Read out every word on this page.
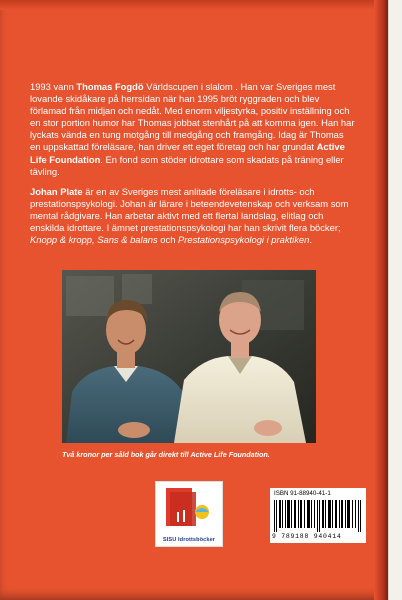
1993 vann Thomas Fogdö Världscupen i slalom . Han var Sveriges mest lovande skidåkare på herrsidan när han 1995 bröt ryggraden och blev förlamad från midjan och nedåt. Med enorm viljestyrka, positiv inställning och en stor portion humor har Thomas jobbat stenhårt på att komma igen. Han har lyckats vända en tung motgång till medgång och framgång. Idag är Thomas en uppskattad föreläsare, han driver ett eget företag och har grundat Active Life Foundation. En fond som stöder idrottare som skadats på träning eller tävling.
Johan Plate är en av Sveriges mest anlitade föreläsare i idrotts- och prestationspsykologi. Johan är lärare i beteendevetenskap och verksam som mental rådgivare. Han arbetar aktivt med ett flertal landslag, elitlag och enskilda idrottare. I ämnet prestationspsykologi har han skrivit flera böcker; Knopp & kropp, Sans & balans och Prestationspsykologi i praktiken.
Två kronor per såld bok går direkt till Active Life Foundation.
SISU Idrottsböcker
ISBN 91-88940-41-1
9 789188 940414
